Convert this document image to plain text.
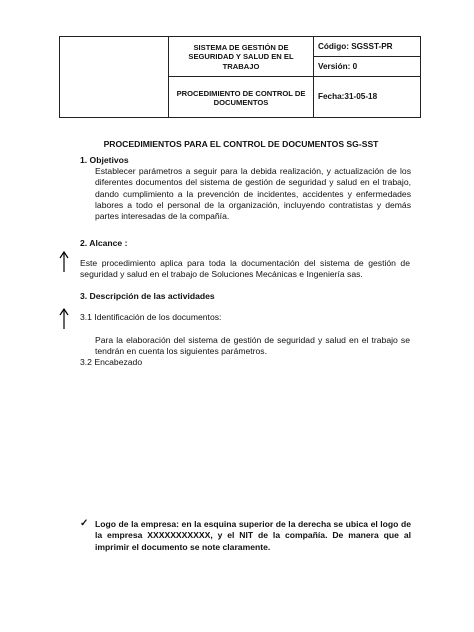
SISTEMA DE GESTIÓN DE SEGURIDAD Y SALUD EN EL TRABAJO
PROCEDIMIENTO DE CONTROL DE DOCUMENTOS
Código: SGSST-PR
Versión: 0
Fecha:31-05-18
PROCEDIMIENTOS PARA EL CONTROL DE DOCUMENTOS SG-SST
1. Objetivos
Establecer parámetros a seguir para la debida realización, y actualización de los diferentes documentos del sistema de gestión de seguridad y salud en el trabajo, dando cumplimiento a la prevención de incidentes, accidentes y enfermedades labores a todo el personal de la organización, incluyendo contratistas y demás partes interesadas de la compañía.
2. Alcance :
Este procedimiento aplica para toda la documentación del sistema de gestión de seguridad y salud en el trabajo de Soluciones Mecánicas e Ingeniería sas.
3. Descripción de las actividades
3.1 Identificación de los documentos:
Para la elaboración del sistema de gestión de seguridad y salud en el trabajo se tendrán en cuenta los siguientes parámetros.
3.2 Encabezado
✓ Logo de la empresa: en la esquina superior de la derecha se ubica el logo de la empresa XXXXXXXXXXX, y el NIT de la compañía. De manera que al imprimir el documento se note claramente.
